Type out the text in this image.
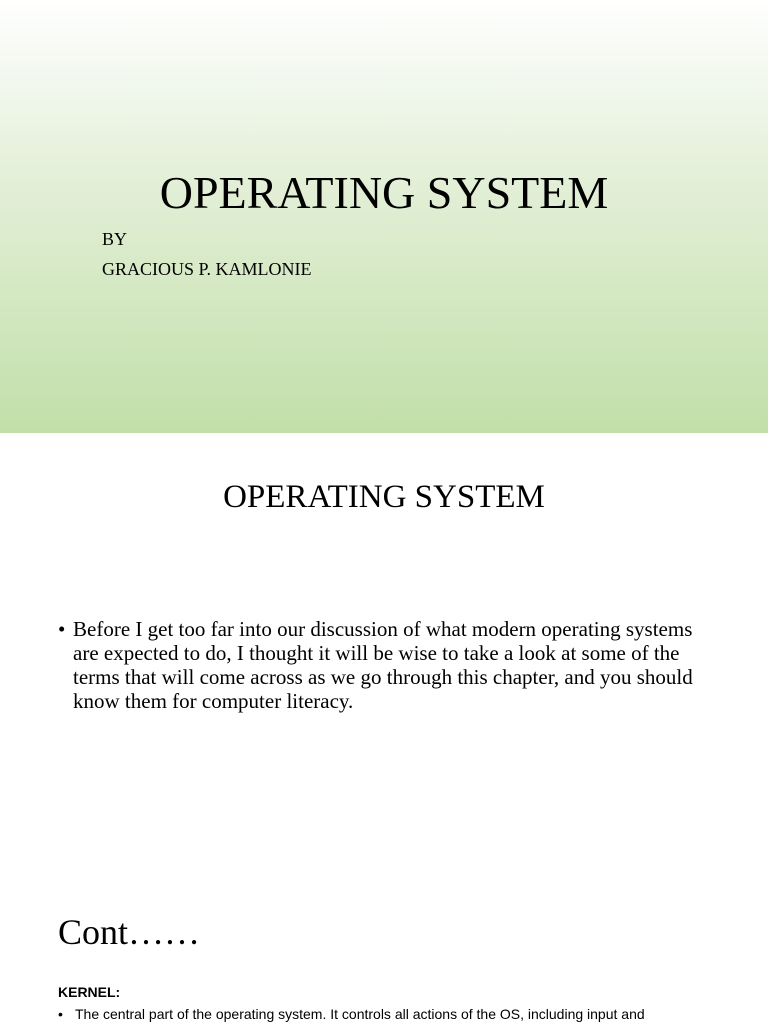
OPERATING SYSTEM

BY

GRACIOUS P. KAMLONIE

OPERATING SYSTEM
• Before I get too far into our discussion of what modern operating systems are expected to do, I thought it will be wise to take a look at some of the terms that will come across as we go through this chapter, and you should know them for computer literacy.
Cont……

KERNEL:

• The central part of the operating system. It controls all actions of the OS, including input and
